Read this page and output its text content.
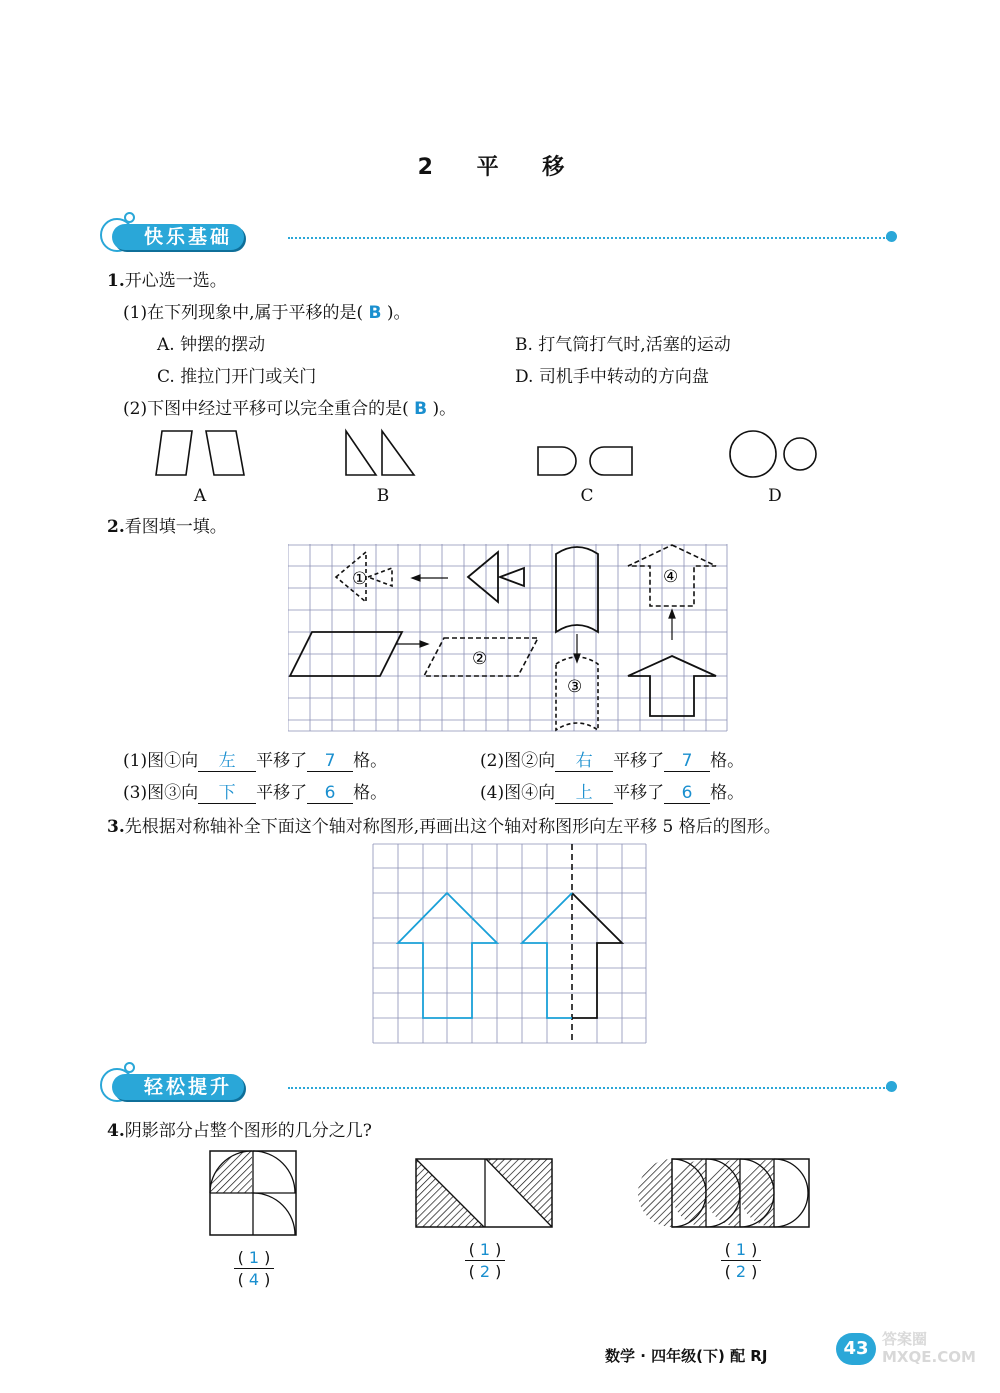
2 平 移
快乐基础
1.开心选一选。
(1)在下列现象中,属于平移的是( B )。
A. 钟摆的摆动	B. 打气筒打气时,活塞的运动
C. 推拉门开门或关门	D. 司机手中转动的方向盘
(2)下图中经过平移可以完全重合的是( B )。
A	B	C	D
2.看图填一填。
①
②
③
④
(1)图①向 左 平移了 7 格。	(2)图②向 右 平移了 7 格。
(3)图③向 下 平移了 6 格。	(4)图④向 上 平移了 6 格。
3.先根据对称轴补全下面这个轴对称图形,再画出这个轴对称图形向左平移 5 格后的图形。
轻松提升
4.阴影部分占整个图形的几分之几?
( 1 )
( 4 )
( 1 )
( 2 )
( 1 )
( 2 )
数学 · 四年级(下) 配 RJ	43 答案圈
MXQE.COM
